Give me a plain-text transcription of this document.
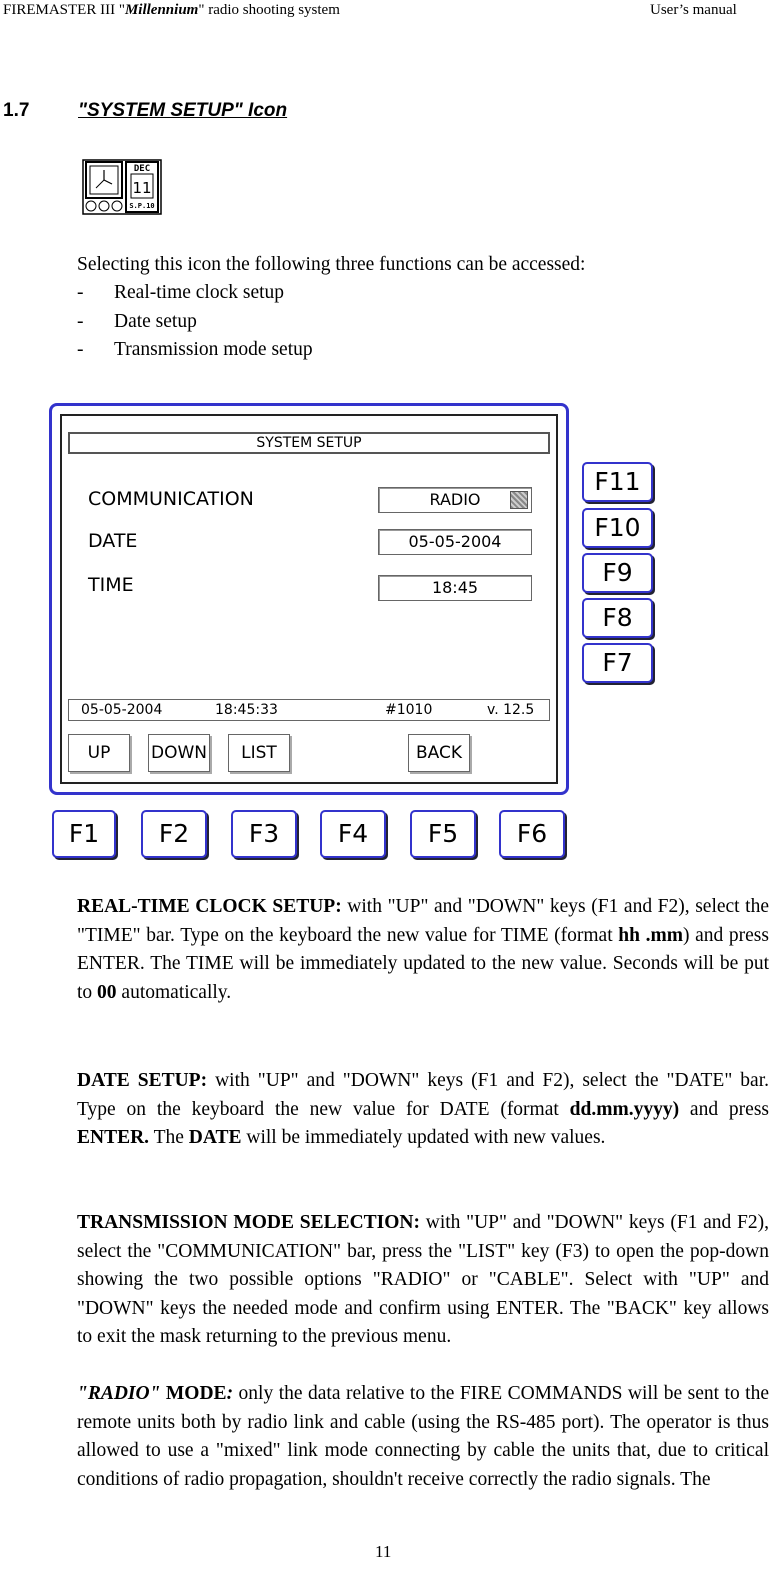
FIREMASTER III "Millennium" radio shooting system	User’s manual
1.7	"SYSTEM SETUP" Icon
DEC
11
S.P.10
Selecting this icon the following three functions can be accessed:
- Real-time clock setup
- Date setup
- Transmission mode setup
SYSTEM SETUP
COMMUNICATION	RADIO
DATE	05-05-2004
TIME	18:45
05-05-2004	18:45:33	#1010	v. 12.5
UP	DOWN	LIST	BACK
F11
F10
F9
F8
F7
F1	F2	F3	F4	F5	F6
REAL-TIME CLOCK SETUP: with "UP" and "DOWN" keys (F1 and F2), select the "TIME" bar. Type on the keyboard the new value for TIME (format hh .mm) and press ENTER. The TIME will be immediately updated to the new value. Seconds will be put to 00 automatically.
DATE SETUP: with "UP" and "DOWN" keys (F1 and F2), select the "DATE" bar. Type on the keyboard the new value for DATE (format dd.mm.yyyy) and press ENTER. The DATE will be immediately updated with new values.
TRANSMISSION MODE SELECTION: with "UP" and "DOWN" keys (F1 and F2), select the "COMMUNICATION" bar, press the "LIST" key (F3) to open the pop-down showing the two possible options "RADIO" or "CABLE". Select with "UP" and "DOWN" keys the needed mode and confirm using ENTER. The "BACK" key allows to exit the mask returning to the previous menu.
"RADIO" MODE: only the data relative to the FIRE COMMANDS will be sent to the remote units both by radio link and cable (using the RS-485 port). The operator is thus allowed to use a "mixed" link mode connecting by cable the units that, due to critical conditions of radio propagation, shouldn't receive correctly the radio signals. The
11
